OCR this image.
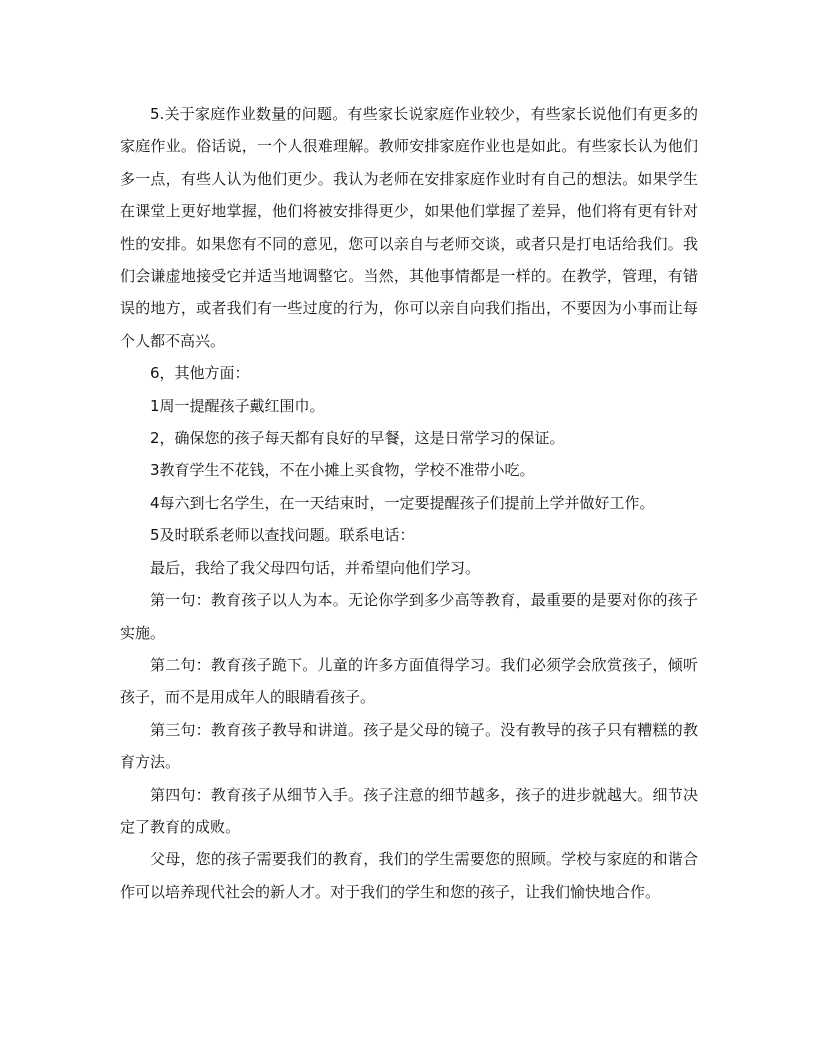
5.关于家庭作业数量的问题。有些家长说家庭作业较少，有些家长说他们有更多的家庭作业。俗话说，一个人很难理解。教师安排家庭作业也是如此。有些家长认为他们多一点，有些人认为他们更少。我认为老师在安排家庭作业时有自己的想法。如果学生在课堂上更好地掌握，他们将被安排得更少，如果他们掌握了差异，他们将有更有针对性的安排。如果您有不同的意见，您可以亲自与老师交谈，或者只是打电话给我们。我们会谦虚地接受它并适当地调整它。当然，其他事情都是一样的。在教学，管理，有错误的地方，或者我们有一些过度的行为，你可以亲自向我们指出，不要因为小事而让每个人都不高兴。

6，其他方面：

1周一提醒孩子戴红围巾。

2，确保您的孩子每天都有良好的早餐，这是日常学习的保证。

3教育学生不花钱，不在小摊上买食物，学校不准带小吃。

4每六到七名学生，在一天结束时，一定要提醒孩子们提前上学并做好工作。

5及时联系老师以查找问题。联系电话：

最后，我给了我父母四句话，并希望向他们学习。

第一句：教育孩子以人为本。无论你学到多少高等教育，最重要的是要对你的孩子实施。

第二句：教育孩子跪下。儿童的许多方面值得学习。我们必须学会欣赏孩子，倾听孩子，而不是用成年人的眼睛看孩子。

第三句：教育孩子教导和讲道。孩子是父母的镜子。没有教导的孩子只有糟糕的教育方法。

第四句：教育孩子从细节入手。孩子注意的细节越多，孩子的进步就越大。细节决定了教育的成败。

父母，您的孩子需要我们的教育，我们的学生需要您的照顾。学校与家庭的和谐合作可以培养现代社会的新人才。对于我们的学生和您的孩子，让我们愉快地合作。
